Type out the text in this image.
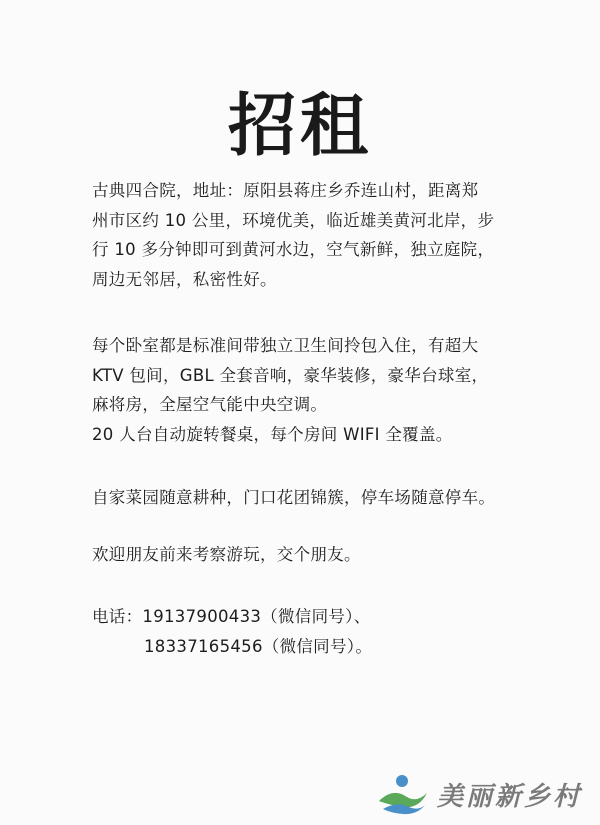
招租
古典四合院，地址：原阳县蒋庄乡乔连山村，距离郑
州市区约 10 公里，环境优美，临近雄美黄河北岸，步
行 10 多分钟即可到黄河水边，空气新鲜，独立庭院，
周边无邻居，私密性好。
每个卧室都是标准间带独立卫生间拎包入住，有超大
KTV 包间，GBL 全套音响，豪华装修，豪华台球室，
麻将房，全屋空气能中央空调。
20 人台自动旋转餐桌，每个房间 WIFI 全覆盖。
自家菜园随意耕种，门口花团锦簇，停车场随意停车。
欢迎朋友前来考察游玩，交个朋友。
电话：19137900433（微信同号）、
18337165456（微信同号）。
美丽新乡村
